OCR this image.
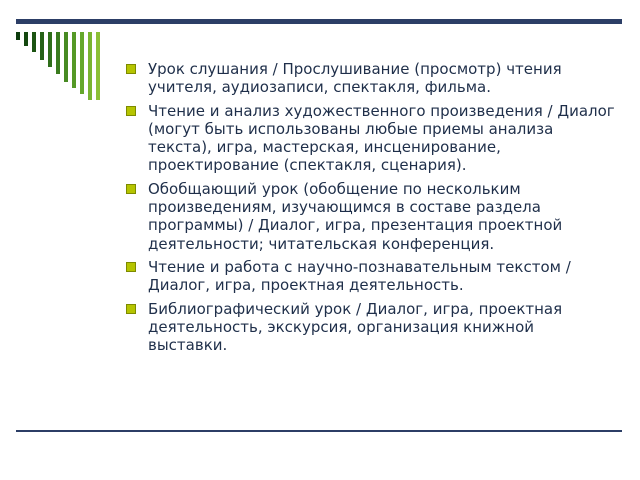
Урок слушания / Прослушивание (просмотр) чтения учителя, аудиозаписи, спектакля, фильма.
Чтение и анализ художественного произведения / Диалог (могут быть использованы любые приемы анализа текста), игра, мастерская, инсценирование, проектирование (спектакля, сценария).
Обобщающий урок (обобщение по нескольким произведениям, изучающимся в составе раздела программы) / Диалог, игра, презентация проектной деятельности; читательская конференция.
Чтение и работа с научно-познавательным текстом / Диалог, игра, проектная деятельность.
Библиографический урок / Диалог, игра, проектная деятельность, экскурсия, организация книжной выставки.
